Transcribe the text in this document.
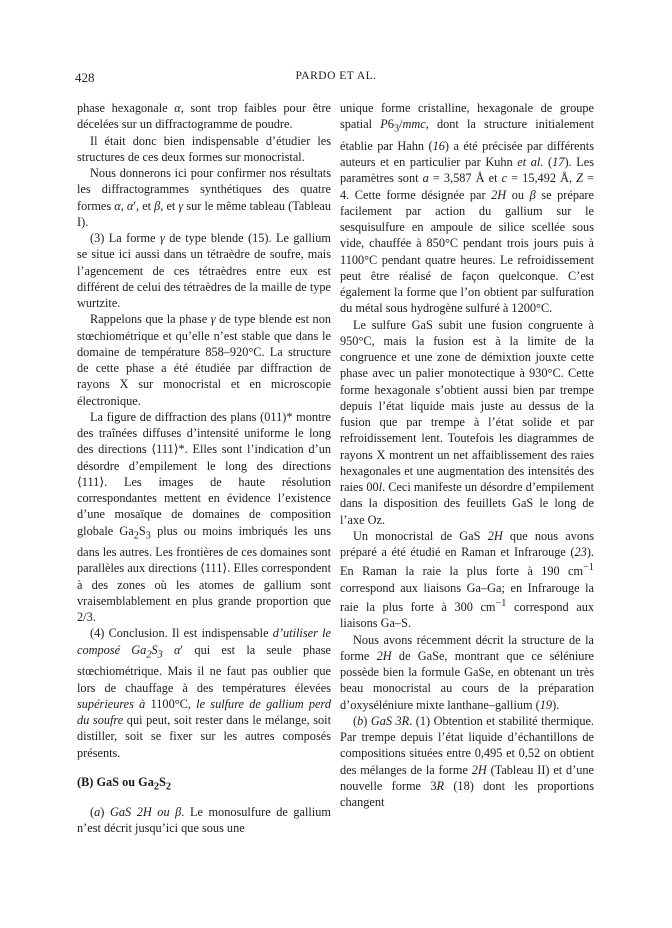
428	PARDO ET AL.

phase hexagonale α, sont trop faibles pour être décelées sur un diffractogramme de poudre.

Il était donc bien indispensable d’étudier les structures de ces deux formes sur monocristal.

Nous donnerons ici pour confirmer nos résultats les diffractogrammes synthétiques des quatre formes α, α′, et β, et γ sur le même tableau (Tableau I).

(3) La forme γ de type blende (15). Le gallium se situe ici aussi dans un tétraèdre de soufre, mais l’agencement de ces tétraèdres entre eux est différent de celui des tétraèdres de la maille de type wurtzite.

Rappelons que la phase γ de type blende est non stœchiométrique et qu’elle n’est stable que dans le domaine de température 858–920°C. La structure de cette phase a été étudiée par diffraction de rayons X sur monocristal et en microscopie électronique.

La figure de diffraction des plans (011)* montre des traînées diffuses d’intensité uniforme le long des directions ⟨111⟩*. Elles sont l’indication d’un désordre d’empilement le long des directions ⟨111⟩. Les images de haute résolution correspondantes mettent en évidence l’existence d’une mosaïque de domaines de composition globale $Ga_2S_3$ plus ou moins imbriqués les uns dans les autres. Les frontières de ces domaines sont parallèles aux directions ⟨111⟩. Elles correspondent à des zones où les atomes de gallium sont vraisemblablement en plus grande proportion que 2/3.

(4) Conclusion. Il est indispensable d’utiliser le composé $Ga_2S_3$ α′ qui est la seule phase stœchiométrique. Mais il ne faut pas oublier que lors de chauffage à des températures élevées supérieures à 1100°C, le sulfure de gallium perd du soufre qui peut, soit rester dans le mélange, soit distiller, soit se fixer sur les autres composés présents.

(B) GaS ou $Ga_2S_2$

(a) GaS 2H ou β. Le monosulfure de gallium n’est décrit jusqu’ici que sous une

unique forme cristalline, hexagonale de groupe spatial $P6_3$/mmc, dont la structure initialement établie par Hahn (16) a été précisée par différents auteurs et en particulier par Kuhn et al. (17). Les paramètres sont a = 3,587 Å et c = 15,492 Å, Z = 4. Cette forme désignée par 2H ou β se prépare facilement par action du gallium sur le sesquisulfure en ampoule de silice scellée sous vide, chauffée à 850°C pendant trois jours puis à 1100°C pendant quatre heures. Le refroidissement peut être réalisé de façon quelconque. C’est également la forme que l’on obtient par sulfuration du métal sous hydrogène sulfuré à 1200°C.

Le sulfure GaS subit une fusion congruente à 950°C, mais la fusion est à la limite de la congruence et une zone de démixtion jouxte cette phase avec un palier monotectique à 930°C. Cette forme hexagonale s’obtient aussi bien par trempe depuis l’état liquide mais juste au dessus de la fusion que par trempe à l’état solide et par refroidissement lent. Toutefois les diagrammes de rayons X montrent un net affaiblissement des raies hexagonales et une augmentation des intensités des raies 00l. Ceci manifeste un désordre d’empilement dans la disposition des feuillets GaS le long de l’axe Oz.

Un monocristal de GaS 2H que nous avons préparé a été étudié en Raman et Infrarouge (23). En Raman la raie la plus forte à 190 $cm^{-1}$ correspond aux liaisons Ga–Ga; en Infrarouge la raie la plus forte à 300 $cm^{-1}$ correspond aux liaisons Ga–S.

Nous avons récemment décrit la structure de la forme 2H de GaSe, montrant que ce séléniure possède bien la formule GaSe, en obtenant un très beau monocristal au cours de la préparation d’oxyséléniure mixte lanthane–gallium (19).

(b) GaS 3R. (1) Obtention et stabilité thermique. Par trempe depuis l’état liquide d’échantillons de compositions situées entre 0,495 et 0,52 on obtient des mélanges de la forme 2H (Tableau II) et d’une nouvelle forme 3R (18) dont les proportions changent
